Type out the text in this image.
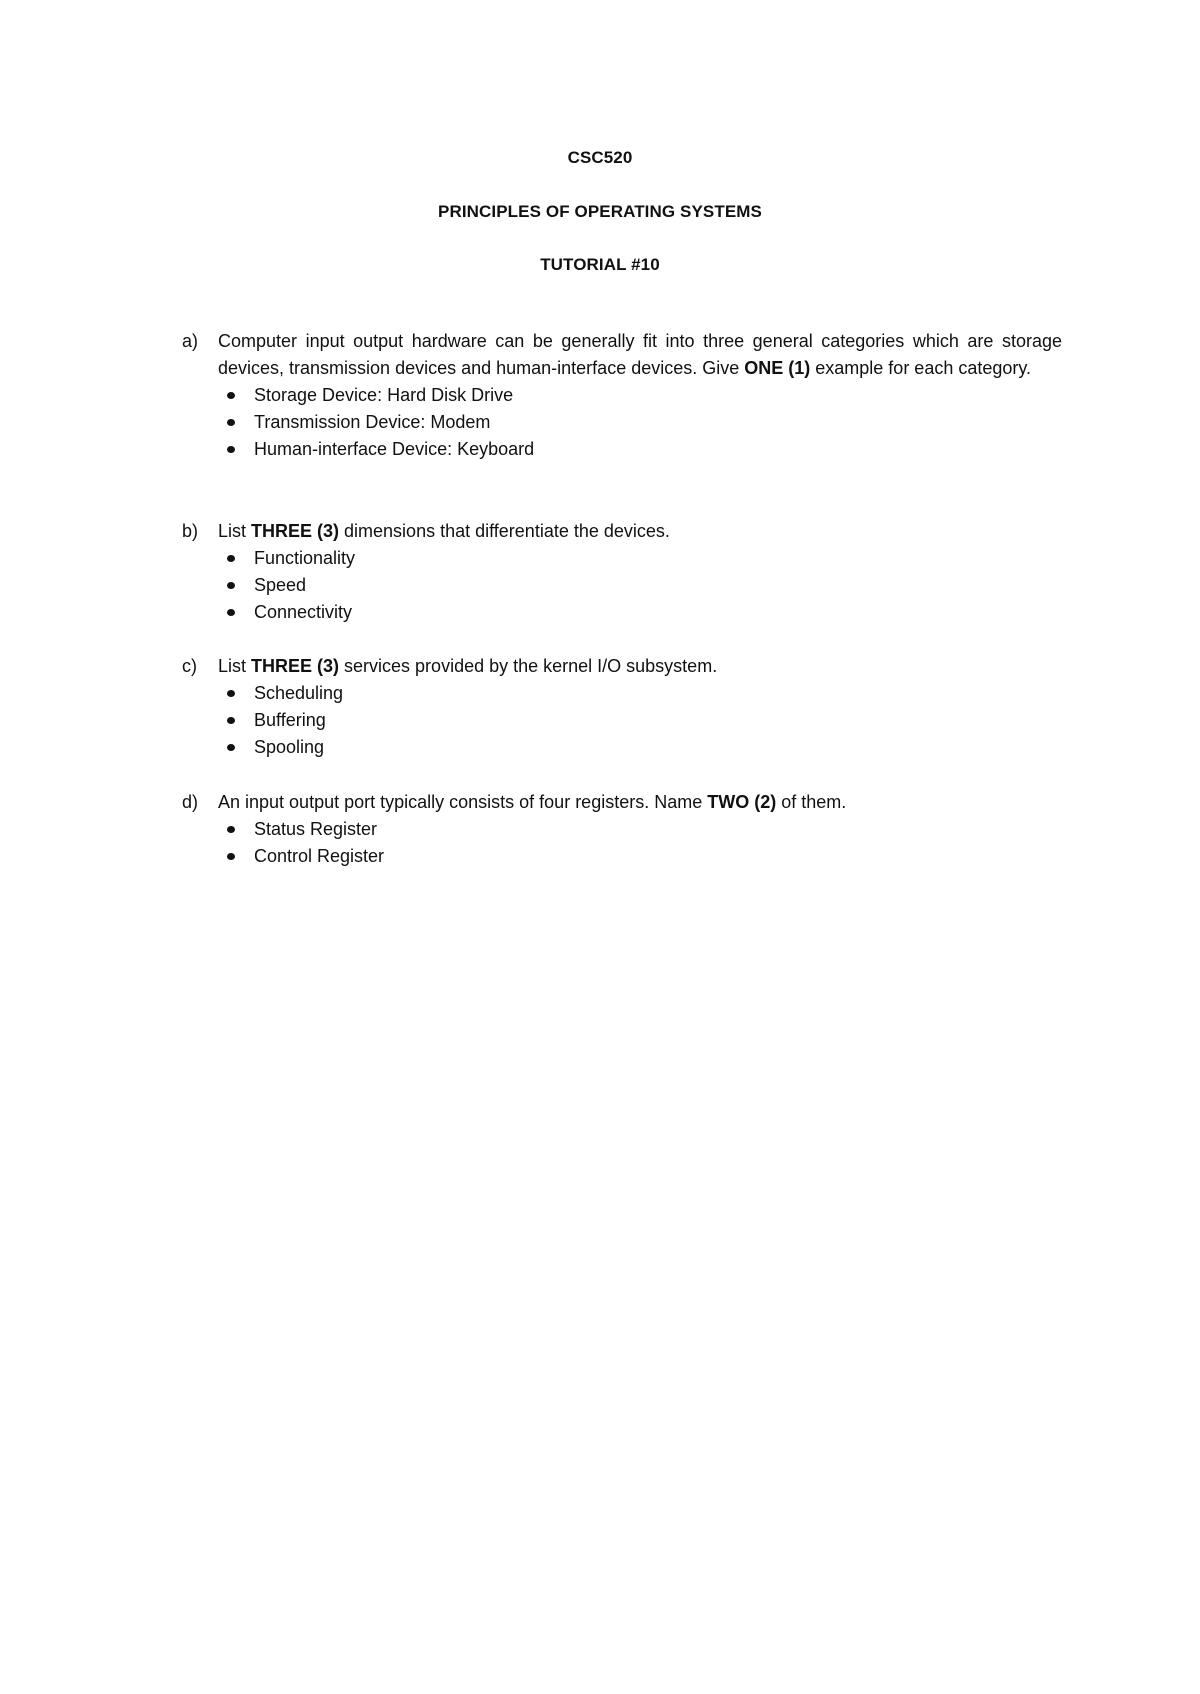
CSC520
PRINCIPLES OF OPERATING SYSTEMS
TUTORIAL #10
a)	Computer input output hardware can be generally fit into three general categories which are storage devices, transmission devices and human-interface devices. Give ONE (1) example for each category.
Storage Device: Hard Disk Drive
Transmission Device: Modem
Human-interface Device: Keyboard
b)	List THREE (3) dimensions that differentiate the devices.
Functionality
Speed
Connectivity
c)	List THREE (3) services provided by the kernel I/O subsystem.
Scheduling
Buffering
Spooling
d)	An input output port typically consists of four registers. Name TWO (2) of them.
Status Register
Control Register
